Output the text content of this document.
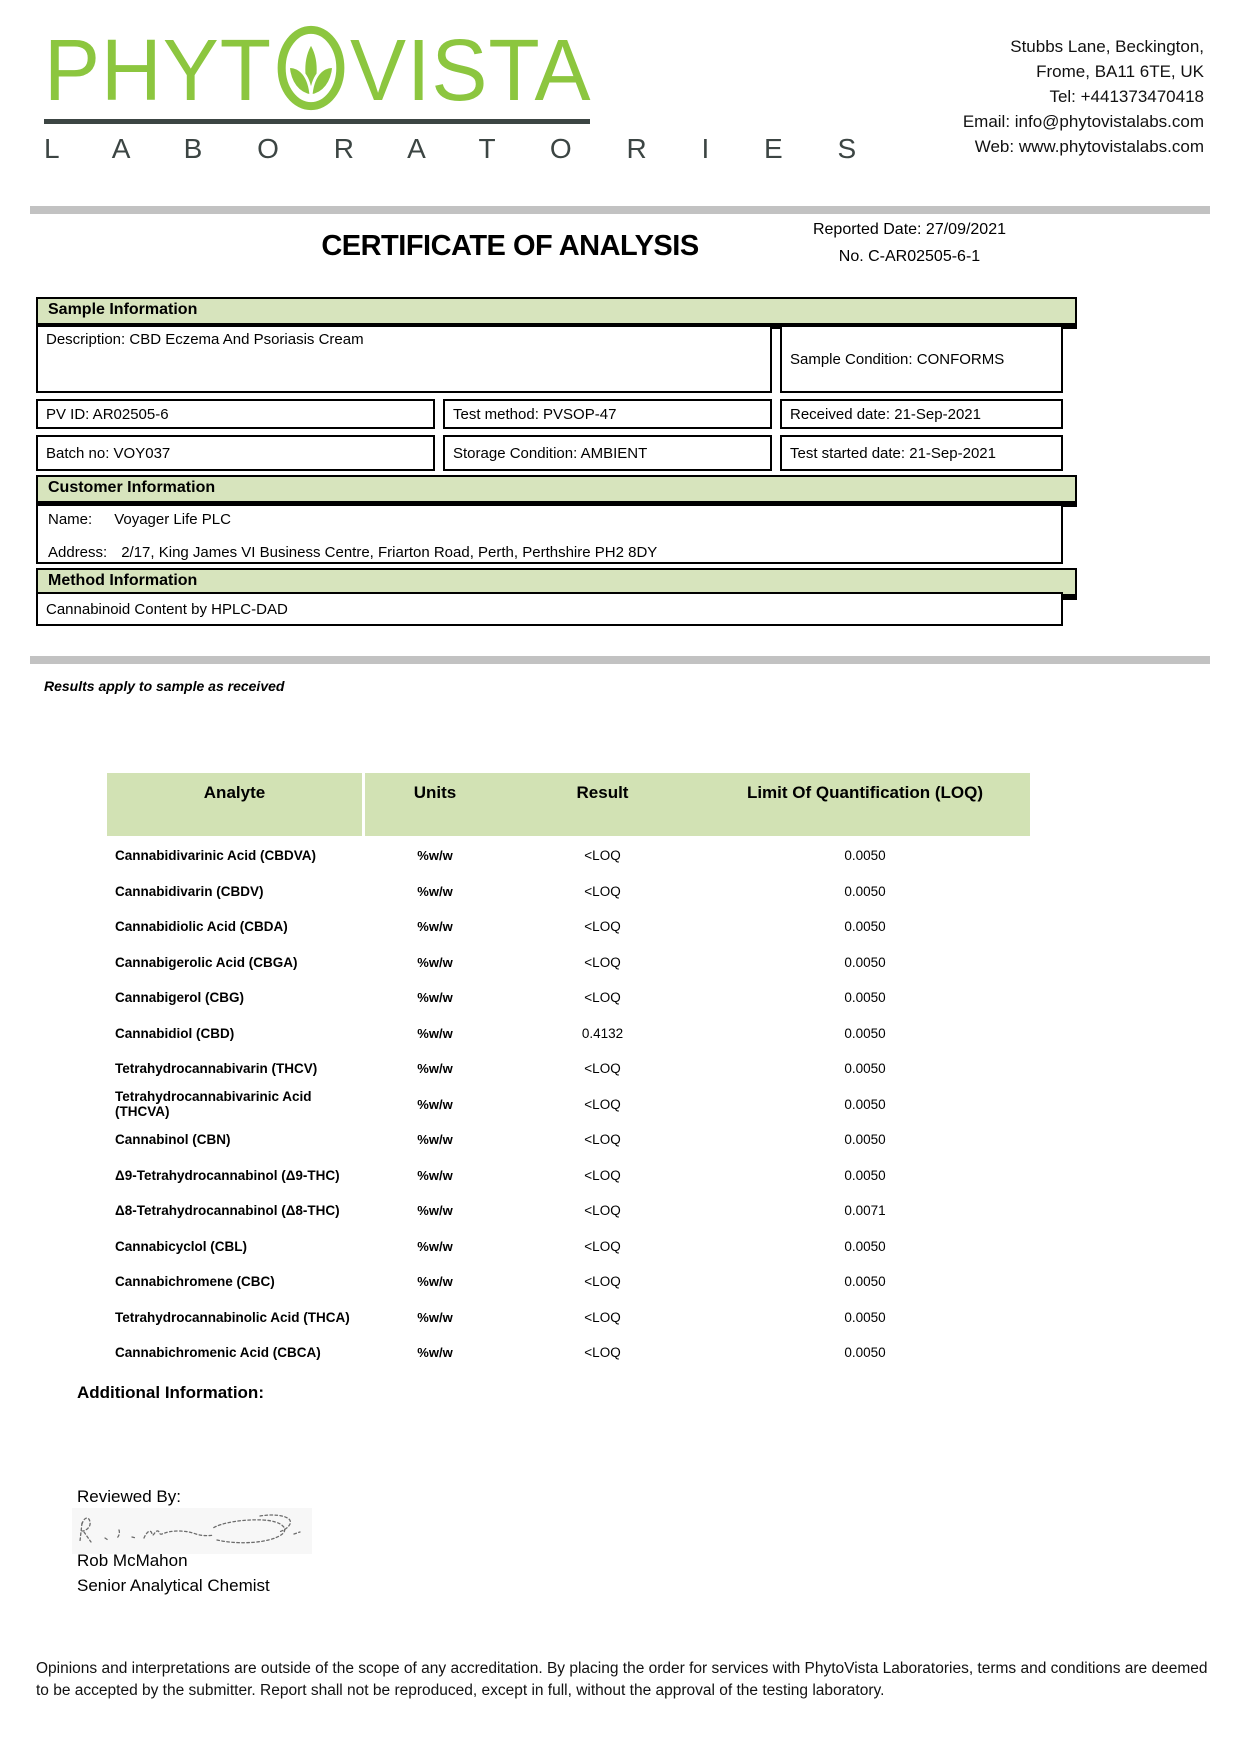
PHYT VISTA
L A B O R A T O R I E S
Stubbs Lane, Beckington,
Frome, BA11 6TE, UK
Tel: +441373470418
Email: info@phytovistalabs.com
Web: www.phytovistalabs.com
CERTIFICATE OF ANALYSIS
Reported Date: 27/09/2021
No. C-AR02505-6-1
Sample Information
Description: CBD Eczema And Psoriasis Cream
Sample Condition: CONFORMS
PV ID: AR02505-6	Test method: PVSOP-47	Received date: 21-Sep-2021
Batch no: VOY037	Storage Condition: AMBIENT	Test started date: 21-Sep-2021
Customer Information
Name: Voyager Life PLC
Address: 2/17, King James VI Business Centre, Friarton Road, Perth, Perthshire PH2 8DY
Method Information
Cannabinoid Content by HPLC-DAD
Results apply to sample as received
Analyte	Units	Result	Limit Of Quantification (LOQ)
Cannabidivarinic Acid (CBDVA)	%w/w	<LOQ	0.0050
Cannabidivarin (CBDV)	%w/w	<LOQ	0.0050
Cannabidiolic Acid (CBDA)	%w/w	<LOQ	0.0050
Cannabigerolic Acid (CBGA)	%w/w	<LOQ	0.0050
Cannabigerol (CBG)	%w/w	<LOQ	0.0050
Cannabidiol (CBD)	%w/w	0.4132	0.0050
Tetrahydrocannabivarin (THCV)	%w/w	<LOQ	0.0050
Tetrahydrocannabivarinic Acid (THCVA)	%w/w	<LOQ	0.0050
Cannabinol (CBN)	%w/w	<LOQ	0.0050
Δ9-Tetrahydrocannabinol (Δ9-THC)	%w/w	<LOQ	0.0050
Δ8-Tetrahydrocannabinol (Δ8-THC)	%w/w	<LOQ	0.0071
Cannabicyclol (CBL)	%w/w	<LOQ	0.0050
Cannabichromene (CBC)	%w/w	<LOQ	0.0050
Tetrahydrocannabinolic Acid (THCA)	%w/w	<LOQ	0.0050
Cannabichromenic Acid (CBCA)	%w/w	<LOQ	0.0050
Additional Information:
Reviewed By:
Rob McMahon
Senior Analytical Chemist
Opinions and interpretations are outside of the scope of any accreditation. By placing the order for services with PhytoVista Laboratories, terms and conditions are deemed to be accepted by the submitter. Report shall not be reproduced, except in full, without the approval of the testing laboratory.
